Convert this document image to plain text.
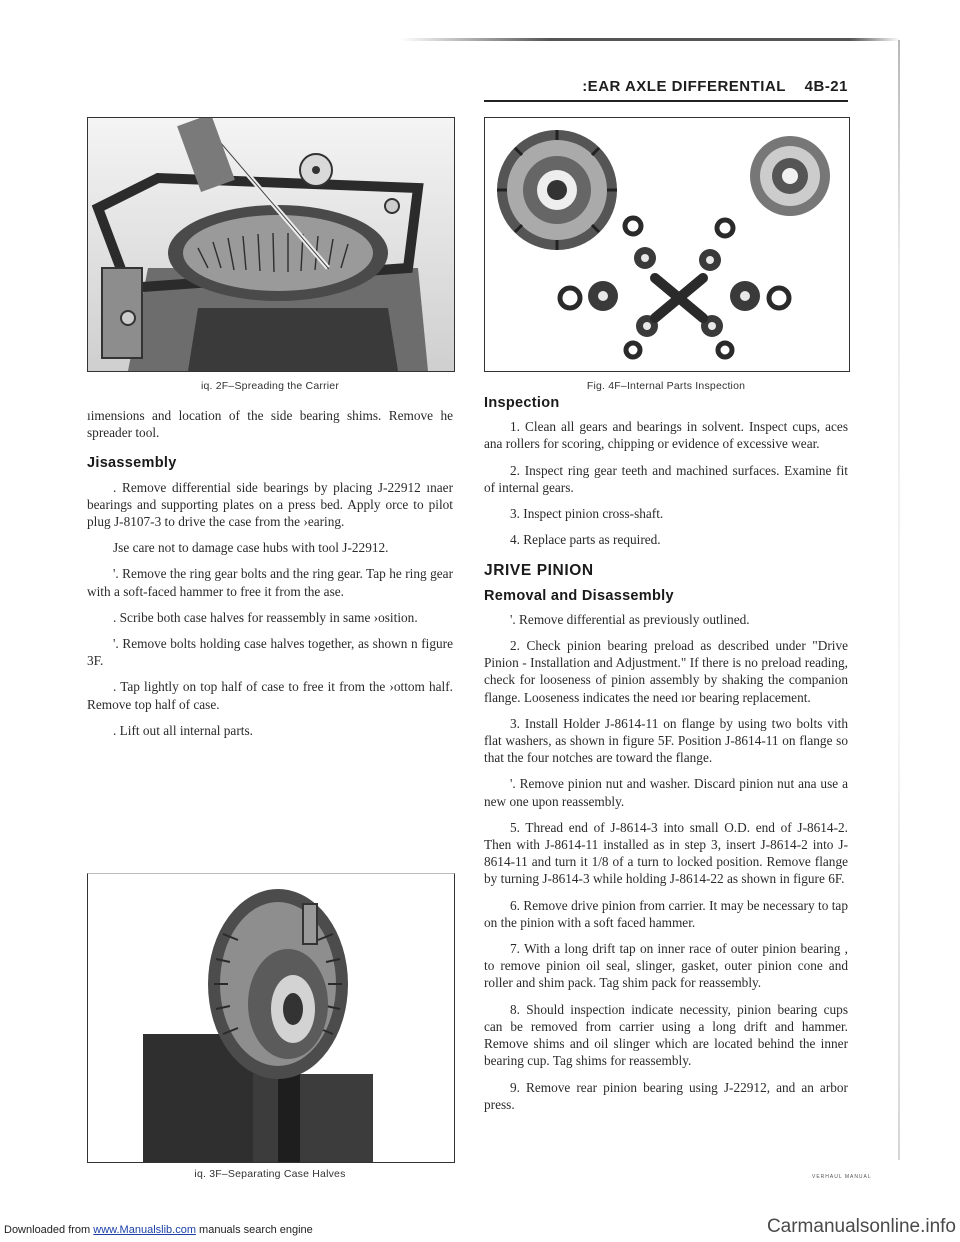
:EAR AXLE DIFFERENTIAL 4B-21
iq. 2F–Spreading the Carrier	Fig. 4F–Internal Parts Inspection

ıimensions and location of the side bearing shims. Remove he spreader tool.

Jisassembly

. Remove differential side bearings by placing J-22912 ınaer bearings and supporting plates on a press bed. Apply orce to pilot plug J-8107-3 to drive the case from the ›earing.

Jse care not to damage case hubs with tool J-22912.

'. Remove the ring gear bolts and the ring gear. Tap he ring gear with a soft-faced hammer to free it from the ase.

. Scribe both case halves for reassembly in same ›osition.

'. Remove bolts holding case halves together, as shown n figure 3F.

. Tap lightly on top half of case to free it from the ›ottom half. Remove top half of case.

. Lift out all internal parts.

iq. 3F–Separating Case Halves
Inspection

1. Clean all gears and bearings in solvent. Inspect cups, aces ana rollers for scoring, chipping or evidence of excessive wear.

2. Inspect ring gear teeth and machined surfaces. Examine fit of internal gears.

3. Inspect pinion cross-shaft.

4. Replace parts as required.

JRIVE PINION
Removal and Disassembly

'. Remove differential as previously outlined.

2. Check pinion bearing preload as described under "Drive Pinion - Installation and Adjustment." If there is no preload reading, check for looseness of pinion assembly by shaking the companion flange. Looseness indicates the need ıor bearing replacement.

3. Install Holder J-8614-11 on flange by using two bolts vith flat washers, as shown in figure 5F. Position J-8614-11 on flange so that the four notches are toward the flange.

'. Remove pinion nut and washer. Discard pinion nut ana use a new one upon reassembly.

5. Thread end of J-8614-3 into small O.D. end of J-8614-2. Then with J-8614-11 installed as in step 3, insert J-8614-2 into J-8614-11 and turn it 1/8 of a turn to locked position. Remove flange by turning J-8614-3 while holding J-8614-22 as shown in figure 6F.

6. Remove drive pinion from carrier. It may be necessary to tap on the pinion with a soft faced hammer.

7. With a long drift tap on inner race of outer pinion bearing , to remove pinion oil seal, slinger, gasket, outer pinion cone and roller and shim pack. Tag shim pack for reassembly.

8. Should inspection indicate necessity, pinion bearing cups can be removed from carrier using a long drift and hammer. Remove shims and oil slinger which are located behind the inner bearing cup. Tag shims for reassembly.

9. Remove rear pinion bearing using J-22912, and an arbor press.

VERHAUL MANUAL
Downloaded from www.Manualslib.com manuals search engine	Carmanualsonline.info
